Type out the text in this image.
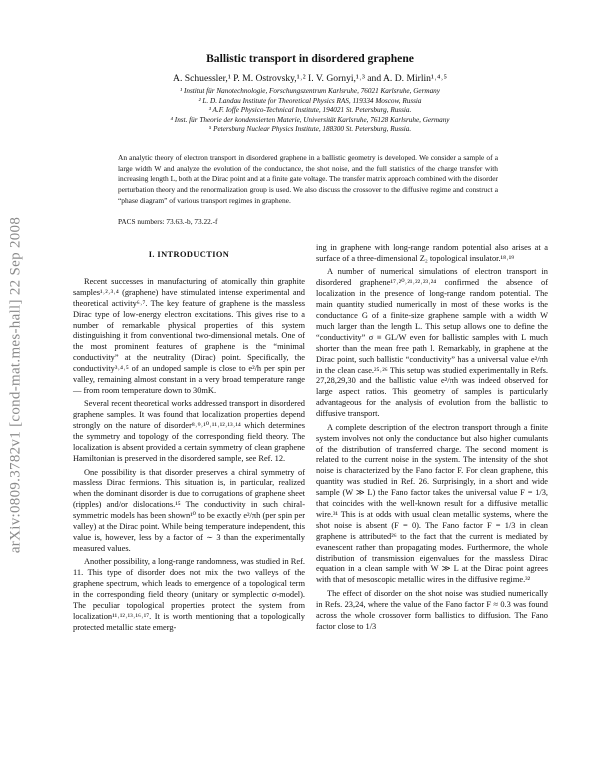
arXiv:0809.3782v1 [cond-mat.mes-hall] 22 Sep 2008
Ballistic transport in disordered graphene
A. Schuessler,¹ P. M. Ostrovsky,¹˒² I. V. Gornyi,¹˒³ and A. D. Mirlin¹˒⁴˒⁵
¹ Institut für Nanotechnologie, Forschungszentrum Karlsruhe, 76021 Karlsruhe, Germany
² L. D. Landau Institute for Theoretical Physics RAS, 119334 Moscow, Russia
³ A.F. Ioffe Physico-Technical Institute, 194021 St. Petersburg, Russia.
⁴ Inst. für Theorie der kondensierten Materie, Universität Karlsruhe, 76128 Karlsruhe, Germany
⁵ Petersburg Nuclear Physics Institute, 188300 St. Petersburg, Russia.
An analytic theory of electron transport in disordered graphene in a ballistic geometry is developed. We consider a sample of a large width W and analyze the evolution of the conductance, the shot noise, and the full statistics of the charge transfer with increasing length L, both at the Dirac point and at a finite gate voltage. The transfer matrix approach combined with the disorder perturbation theory and the renormalization group is used. We also discuss the crossover to the diffusive regime and construct a “phase diagram” of various transport regimes in graphene.
PACS numbers: 73.63.-b, 73.22.-f
I. INTRODUCTION

Recent successes in manufacturing of atomically thin graphite samples¹˒²˒³˒⁴ (graphene) have stimulated intense experimental and theoretical activity⁶˒⁷. The key feature of graphene is the massless Dirac type of low-energy electron excitations. This gives rise to a number of remarkable physical properties of this system distinguishing it from conventional two-dimensional metals. One of the most prominent features of graphene is the “minimal conductivity” at the neutrality (Dirac) point. Specifically, the conductivity³˒⁴˒⁵ of an undoped sample is close to e²/h per spin per valley, remaining almost constant in a very broad temperature range — from room temperature down to 30mK.

Several recent theoretical works addressed transport in disordered graphene samples. It was found that localization properties depend strongly on the nature of disorder⁸˒⁹˒¹⁰˒¹¹˒¹²˒¹³˒¹⁴ which determines the symmetry and topology of the corresponding field theory. The localization is absent provided a certain symmetry of clean graphene Hamiltonian is preserved in the disordered sample, see Ref. 12.

One possibility is that disorder preserves a chiral symmetry of massless Dirac fermions. This situation is, in particular, realized when the dominant disorder is due to corrugations of graphene sheet (ripples) and/or dislocations.¹⁵ The conductivity in such chiral-symmetric models has been shown¹⁰ to be exactly e²/πh (per spin per valley) at the Dirac point. While being temperature independent, this value is, however, less by a factor of ∼ 3 than the experimentally measured values.

Another possibility, a long-range randomness, was studied in Ref. 11. This type of disorder does not mix the two valleys of the graphene spectrum, which leads to emergence of a topological term in the corresponding field theory (unitary or symplectic σ-model). The peculiar topological properties protect the system from localization¹¹˒¹²˒¹³˒¹⁶˒¹⁷. It is worth mentioning that a topologically protected metallic state emerg-

ing in graphene with long-range random potential also arises at a surface of a three-dimensional Z₂ topological insulator.¹⁸˒¹⁹

A number of numerical simulations of electron transport in disordered graphene¹⁷˒²⁰˒²¹˒²²˒²³˒²⁴ confirmed the absence of localization in the presence of long-range random potential. The main quantity studied numerically in most of these works is the conductance G of a finite-size graphene sample with a width W much larger than the length L. This setup allows one to define the “conductivity” σ ≡ GL/W even for ballistic samples with L much shorter than the mean free path l. Remarkably, in graphene at the Dirac point, such ballistic “conductivity” has a universal value e²/πh in the clean case.²⁵˒²⁶ This setup was studied experimentally in Refs. 27,28,29,30 and the ballistic value e²/πh was indeed observed for large aspect ratios. This geometry of samples is particularly advantageous for the analysis of evolution from the ballistic to diffusive transport.

A complete description of the electron transport through a finite system involves not only the conductance but also higher cumulants of the distribution of transferred charge. The second moment is related to the current noise in the system. The intensity of the shot noise is characterized by the Fano factor F. For clean graphene, this quantity was studied in Ref. 26. Surprisingly, in a short and wide sample (W ≫ L) the Fano factor takes the universal value F = 1/3, that coincides with the well-known result for a diffusive metallic wire.³¹ This is at odds with usual clean metallic systems, where the shot noise is absent (F = 0). The Fano factor F = 1/3 in clean graphene is attributed²⁶ to the fact that the current is mediated by evanescent rather than propagating modes. Furthermore, the whole distribution of transmission eigenvalues for the massless Dirac equation in a clean sample with W ≫ L at the Dirac point agrees with that of mesoscopic metallic wires in the diffusive regime.³²

The effect of disorder on the shot noise was studied numerically in Refs. 23,24, where the value of the Fano factor F ≈ 0.3 was found across the whole crossover form ballistics to diffusion. The Fano factor close to 1/3
